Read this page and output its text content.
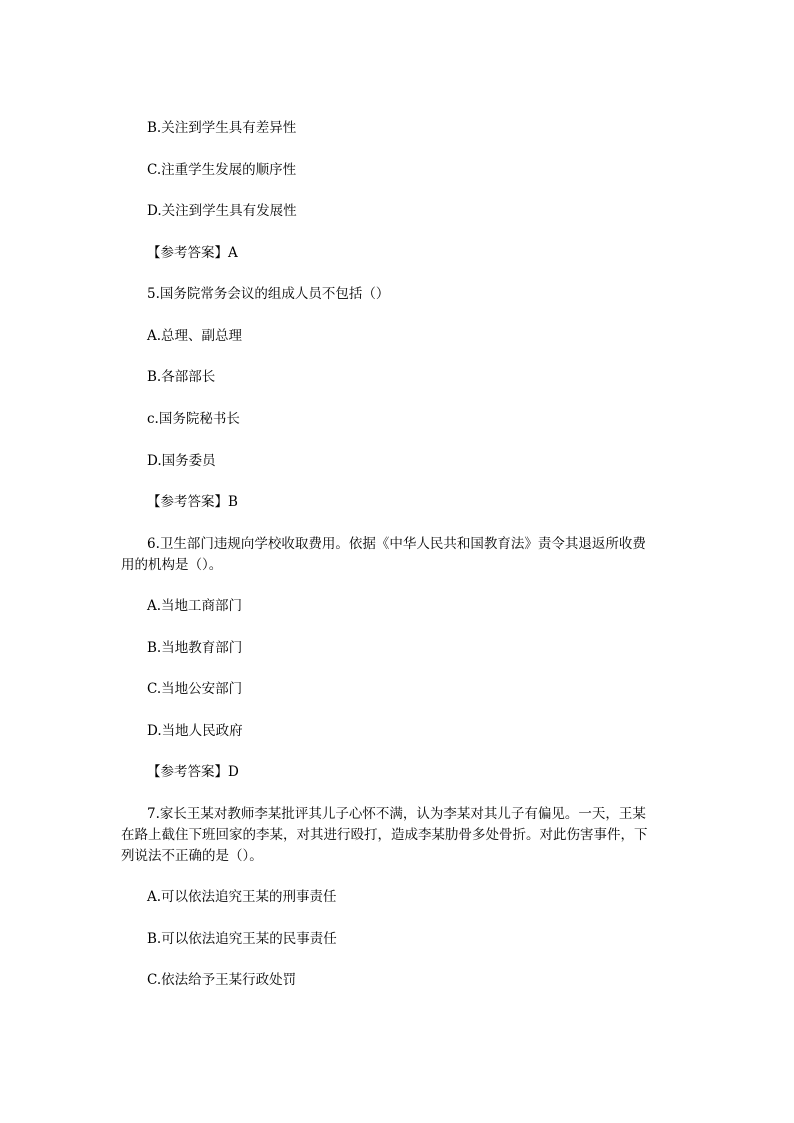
B.关注到学生具有差异性
C.注重学生发展的顺序性
D.关注到学生具有发展性
【参考答案】A
5.国务院常务会议的组成人员不包括（）
A.总理、副总理
B.各部部长
c.国务院秘书长
D.国务委员
【参考答案】B
6.卫生部门违规向学校收取费用。依据《中华人民共和国教育法》责令其退返所收费
用的机构是（）。
A.当地工商部门
B.当地教育部门
C.当地公安部门
D.当地人民政府
【参考答案】D
7.家长王某对教师李某批评其儿子心怀不满，认为李某对其儿子有偏见。一天，王某
在路上截住下班回家的李某，对其进行殴打，造成李某肋骨多处骨折。对此伤害事件，下
列说法不正确的是（）。
A.可以依法追究王某的刑事责任
B.可以依法追究王某的民事责任
C.依法给予王某行政处罚
